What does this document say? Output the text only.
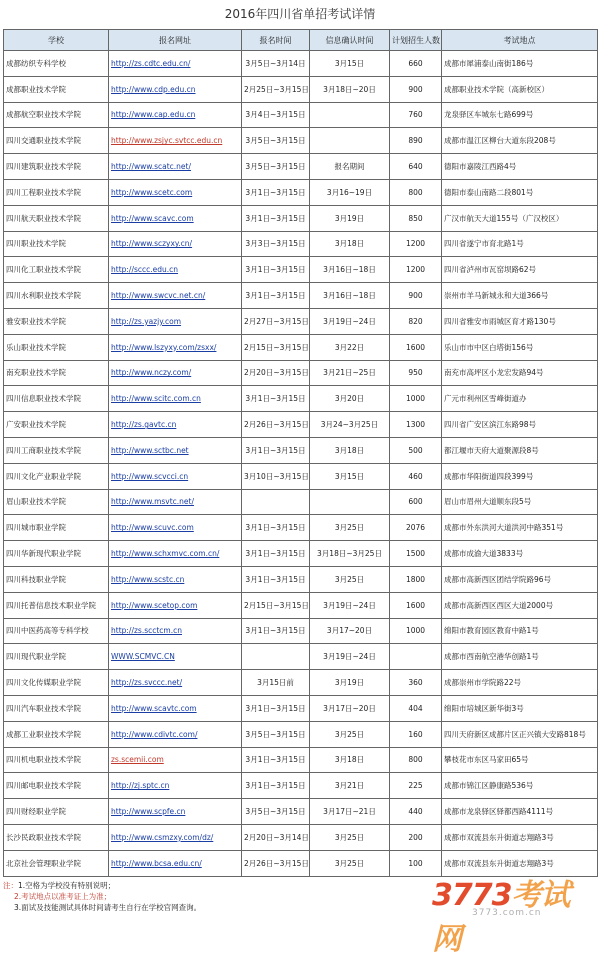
2016年四川省单招考试详情
学校	报名网址	报名时间	信息确认时间	计划招生人数	考试地点
成都纺织专科学校	http://zs.cdtc.edu.cn/	3月5日~3月14日	3月15日	660	成都市犀浦泰山南街186号
成都职业技术学院	http://www.cdp.edu.cn	2月25日~3月15日	3月18日~20日	900	成都职业技术学院（高新校区）
成都航空职业技术学院	http://www.cap.edu.cn	3月4日~3月15日		760	龙泉驿区车城东七路699号
四川交通职业技术学院	http://www.zsjyc.svtcc.edu.cn	3月5日~3月15日		890	成都市温江区柳台大道东段208号
四川建筑职业技术学院	http://www.scatc.net/	3月5日~3月15日	报名期间	640	德阳市嘉陵江西路4号
四川工程职业技术学院	http://www.scetc.com	3月1日~3月15日	3月16~19日	800	德阳市泰山南路二段801号
四川航天职业技术学院	http://www.scavc.com	3月1日~3月15日	3月19日	850	广汉市航天大道155号（广汉校区）
四川职业技术学院	http://www.sczyxy.cn/	3月3日~3月15日	3月18日	1200	四川省遂宁市育北路1号
四川化工职业技术学院	http://sccc.edu.cn	3月1日~3月15日	3月16日~18日	1200	四川省泸州市瓦窑坝路62号
四川水利职业技术学院	http://www.swcvc.net.cn/	3月1日~3月15日	3月16日~18日	900	崇州市羊马新城永和大道366号
雅安职业技术学院	http://zs.yazjy.com	2月27日~3月15日	3月19日~24日	820	四川省雅安市雨城区育才路130号
乐山职业技术学院	http://www.lszyxy.com/zsxx/	2月15日~3月15日	3月22日	1600	乐山市市中区白塔街156号
南充职业技术学院	http://www.nczy.com/	2月20日~3月15日	3月21日~25日	950	南充市高坪区小龙宏发路94号
四川信息职业技术学院	http://www.scitc.com.cn	3月1日~3月15日	3月20日	1000	广元市利州区雪峰街道办
广安职业技术学院	http://zs.gavtc.cn	2月26日~3月15日	3月24~3月25日	1300	四川省广安区滨江东路98号
四川工商职业技术学院	http://www.sctbc.net	3月1日~3月15日	3月18日	500	都江堰市天府大道聚源段8号
四川文化产业职业学院	http://www.scvcci.cn	3月10日~3月15日	3月15日	460	成都市华阳街道四段399号
眉山职业技术学院	http://www.msvtc.net/			600	眉山市眉州大道顺东段5号
四川城市职业学院	http://www.scuvc.com	3月1日~3月15日	3月25日	2076	成都市外东洪河大道洪河中路351号
四川华新现代职业学院	http://www.schxmvc.com.cn/	3月1日~3月15日	3月18日~3月25日	1500	成都市成渝大道3833号
四川科技职业学院	http://www.scstc.cn	3月1日~3月15日	3月25日	1800	成都市高新西区团结学院路96号
四川托普信息技术职业学院	http://www.scetop.com	2月15日~3月15日	3月19日~24日	1600	成都市高新西区西区大道2000号
四川中医药高等专科学校	http://zs.scctcm.cn	3月1日~3月15日	3月17~20日	1000	绵阳市教育园区教育中路1号
四川现代职业学院	WWW.SCMVC.CN		3月19日~24日		成都市西南航空港华创路1号
四川文化传媒职业学院	http://zs.svccc.net/	3月15日前	3月19日	360	成都崇州市学院路22号
四川汽车职业技术学院	http://www.scavtc.com	3月1日~3月15日	3月17日~20日	404	绵阳市培城区新华街3号
成都工业职业技术学院	http://www.cdivtc.com/	3月5日~3月15日	3月25日	160	四川天府新区成都片区正兴镇大安路818号
四川机电职业技术学院	zs.scemii.com	3月1日~3月15日	3月18日	800	攀枝花市东区马家田65号
四川邮电职业技术学院	http://zj.sptc.cn	3月1日~3月15日	3月21日	225	成都市锦江区静康路536号
四川财经职业学院	http://www.scpfe.cn	3月5日~3月15日	3月17日~21日	440	成都市龙泉驿区驿都西路4111号
长沙民政职业技术学院	http://www.csmzxy.com/dz/	2月20日~3月14日	3月25日	200	成都市双流县东升街道志翔路3号
北京社会管理职业学院	http://www.bcsa.edu.cn/	2月26日~3月15日	3月25日	100	成都市双流县东升街道志翔路3号
注：1.空格为学校没有特别说明；
2.考试地点以准考证上为准；
3.面试及技能测试具体时间请考生自行在学校官网查询。	3773考试网
3773.com.cn
